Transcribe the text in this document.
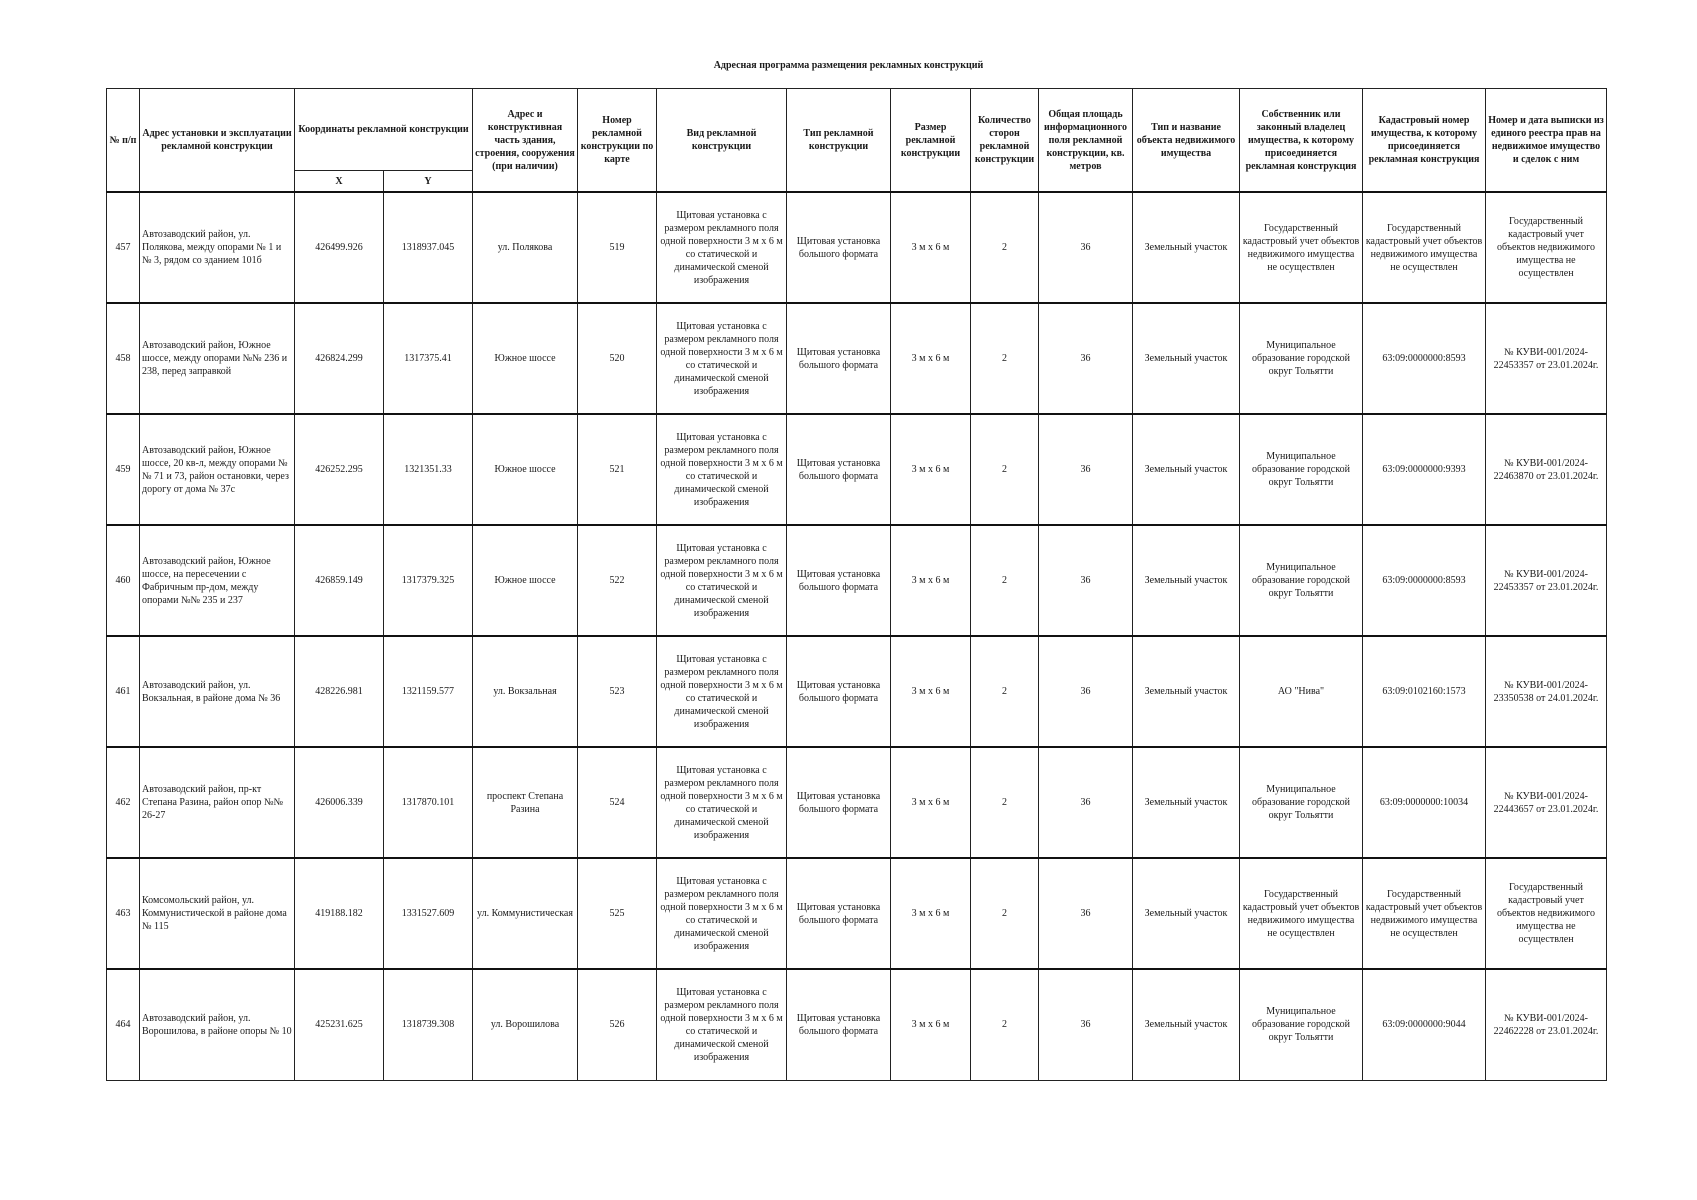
Адресная программа размещения рекламных конструкций
№ п/п	Адрес установки и эксплуатации рекламной конструкции	Координаты рекламной конструкции		Адрес и конструктивная часть здания, строения, сооружения (при наличии)	Номер рекламной конструкции по карте	Вид рекламной конструкции	Тип рекламной конструкции	Размер рекламной конструкции	Количество сторон рекламной конструкции	Общая площадь информационного поля рекламной конструкции, кв. метров	Тип и название объекта недвижимого имущества	Собственник или законный владелец имущества, к которому присоединяется рекламная конструкция	Кадастровый номер имущества, к которому присоединяется рекламная конструкция	Номер и дата выписки из единого реестра прав на недвижимое имущество и сделок с ним
		X	Y											
457	Автозаводский район, ул. Полякова, между опорами № 1 и № 3, рядом со зданием 101б	426499.926	1318937.045	ул. Полякова	519	Щитовая установка с размером рекламного поля одной поверхности 3 м х 6 м со статической и динамической сменой изображения	Щитовая установка большого формата	3 м х 6 м	2	36	Земельный участок	Государственный кадастровый учет объектов недвижимого имущества не осуществлен	Государственный кадастровый учет объектов недвижимого имущества не осуществлен	Государственный кадастровый учет объектов недвижимого имущества не осуществлен
458	Автозаводский район, Южное шоссе, между опорами №№ 236 и 238, перед заправкой	426824.299	1317375.41	Южное шоссе	520	Щитовая установка с размером рекламного поля одной поверхности 3 м х 6 м со статической и динамической сменой изображения	Щитовая установка большого формата	3 м х 6 м	2	36	Земельный участок	Муниципальное образование городской округ Тольятти	63:09:0000000:8593	№ КУВИ-001/2024-22453357 от 23.01.2024г.
459	Автозаводский район, Южное шоссе, 20 кв-л, между опорами №№ 71 и 73, район остановки, через дорогу от дома № 37с	426252.295	1321351.33	Южное шоссе	521	Щитовая установка с размером рекламного поля одной поверхности 3 м х 6 м со статической и динамической сменой изображения	Щитовая установка большого формата	3 м х 6 м	2	36	Земельный участок	Муниципальное образование городской округ Тольятти	63:09:0000000:9393	№ КУВИ-001/2024-22463870 от 23.01.2024г.
460	Автозаводский район, Южное шоссе, на пересечении с Фабричным пр-дом, между опорами №№ 235 и 237	426859.149	1317379.325	Южное шоссе	522	Щитовая установка с размером рекламного поля одной поверхности 3 м х 6 м со статической и динамической сменой изображения	Щитовая установка большого формата	3 м х 6 м	2	36	Земельный участок	Муниципальное образование городской округ Тольятти	63:09:0000000:8593	№ КУВИ-001/2024-22453357 от 23.01.2024г.
461	Автозаводский район, ул. Вокзальная, в районе дома № 36	428226.981	1321159.577	ул. Вокзальная	523	Щитовая установка с размером рекламного поля одной поверхности 3 м х 6 м со статической и динамической сменой изображения	Щитовая установка большого формата	3 м х 6 м	2	36	Земельный участок	АО "Нива"	63:09:0102160:1573	№ КУВИ-001/2024-23350538 от 24.01.2024г.
462	Автозаводский район, пр-кт Степана Разина, район опор №№ 26-27	426006.339	1317870.101	проспект Степана Разина	524	Щитовая установка с размером рекламного поля одной поверхности 3 м х 6 м со статической и динамической сменой изображения	Щитовая установка большого формата	3 м х 6 м	2	36	Земельный участок	Муниципальное образование городской округ Тольятти	63:09:0000000:10034	№ КУВИ-001/2024-22443657 от 23.01.2024г.
463	Комсомольский район, ул. Коммунистической в районе дома № 115	419188.182	1331527.609	ул. Коммунистическая	525	Щитовая установка с размером рекламного поля одной поверхности 3 м х 6 м со статической и динамической сменой изображения	Щитовая установка большого формата	3 м х 6 м	2	36	Земельный участок	Государственный кадастровый учет объектов недвижимого имущества не осуществлен	Государственный кадастровый учет объектов недвижимого имущества не осуществлен	Государственный кадастровый учет объектов недвижимого имущества не осуществлен
464	Автозаводский район, ул. Ворошилова, в районе опоры № 10	425231.625	1318739.308	ул. Ворошилова	526	Щитовая установка с размером рекламного поля одной поверхности 3 м х 6 м со статической и динамической сменой изображения	Щитовая установка большого формата	3 м х 6 м	2	36	Земельный участок	Муниципальное образование городской округ Тольятти	63:09:0000000:9044	№ КУВИ-001/2024-22462228 от 23.01.2024г.
